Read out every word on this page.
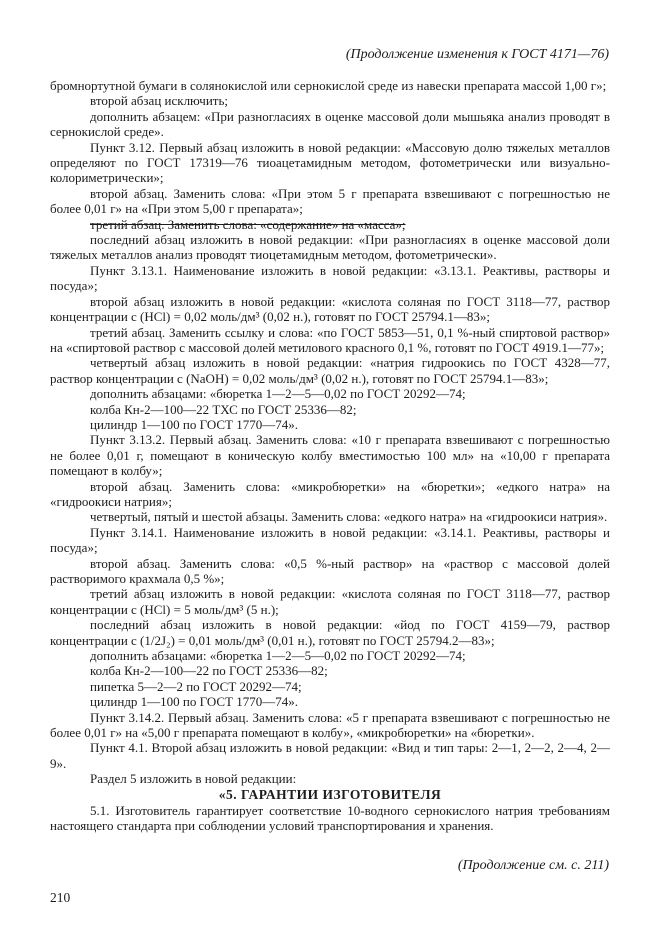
(Продолжение изменения к ГОСТ 4171—76)

бромнортутной бумаги в солянокислой или сернокислой среде из навески препарата массой 1,00 г»;

второй абзац исключить;

дополнить абзацем: «При разногласиях в оценке массовой доли мышьяка анализ проводят в сернокислой среде».

Пункт 3.12. Первый абзац изложить в новой редакции: «Массовую долю тяжелых металлов определяют по ГОСТ 17319—76 тиоацетамидным методом, фотометрически или визуально-колориметрически»;

второй абзац. Заменить слова: «При этом 5 г препарата взвешивают с погрешностью не более 0,01 г» на «При этом 5,00 г препарата»;

третий абзац. Заменить слова: «содержание» на «масса»;

последний абзац изложить в новой редакции: «При разногласиях в оценке массовой доли тяжелых металлов анализ проводят тиоцетамидным методом, фотометрически».

Пункт 3.13.1. Наименование изложить в новой редакции: «3.13.1. Реактивы, растворы и посуда»;

второй абзац изложить в новой редакции: «кислота соляная по ГОСТ 3118—77, раствор концентрации с (HCl) = 0,02 моль/дм³ (0,02 н.), готовят по ГОСТ 25794.1—83»;

третий абзац. Заменить ссылку и слова: «по ГОСТ 5853—51, 0,1 %-ный спиртовой раствор» на «спиртовой раствор с массовой долей метилового красного 0,1 %, готовят по ГОСТ 4919.1—77»;

четвертый абзац изложить в новой редакции: «натрия гидроокись по ГОСТ 4328—77, раствор концентрации с (NaOH) = 0,02 моль/дм³ (0,02 н.), готовят по ГОСТ 25794.1—83»;

дополнить абзацами: «бюретка 1—2—5—0,02 по ГОСТ 20292—74;

колба Кн-2—100—22 ТХС по ГОСТ 25336—82;

цилиндр 1—100 по ГОСТ 1770—74».

Пункт 3.13.2. Первый абзац. Заменить слова: «10 г препарата взвешивают с погрешностью не более 0,01 г, помещают в коническую колбу вместимостью 100 мл» на «10,00 г препарата помещают в колбу»;

второй абзац. Заменить слова: «микробюретки» на «бюретки»; «едкого натра» на «гидроокиси натрия»;

четвертый, пятый и шестой абзацы. Заменить слова: «едкого натра» на «гидроокиси натрия».

Пункт 3.14.1. Наименование изложить в новой редакции: «3.14.1. Реактивы, растворы и посуда»;

второй абзац. Заменить слова: «0,5 %-ный раствор» на «раствор с массовой долей растворимого крахмала 0,5 %»;

третий абзац изложить в новой редакции: «кислота соляная по ГОСТ 3118—77, раствор концентрации с (HCl) = 5 моль/дм³ (5 н.);

последний абзац изложить в новой редакции: «йод по ГОСТ 4159—79, раствор концентрации с (1/2J₂) = 0,01 моль/дм³ (0,01 н.), готовят по ГОСТ 25794.2—83»;

дополнить абзацами: «бюретка 1—2—5—0,02 по ГОСТ 20292—74;

колба Кн-2—100—22 по ГОСТ 25336—82;

пипетка 5—2—2 по ГОСТ 20292—74;

цилиндр 1—100 по ГОСТ 1770—74».

Пункт 3.14.2. Первый абзац. Заменить слова: «5 г препарата взвешивают с погрешностью не более 0,01 г» на «5,00 г препарата помещают в колбу», «микробюретки» на «бюретки».

Пункт 4.1. Второй абзац изложить в новой редакции: «Вид и тип тары: 2—1, 2—2, 2—4, 2—9».

Раздел 5 изложить в новой редакции:

«5. ГАРАНТИИ ИЗГОТОВИТЕЛЯ

5.1. Изготовитель гарантирует соответствие 10-водного сернокислого натрия требованиям настоящего стандарта при соблюдении условий транспортирования и хранения.

(Продолжение см. с. 211)
210
